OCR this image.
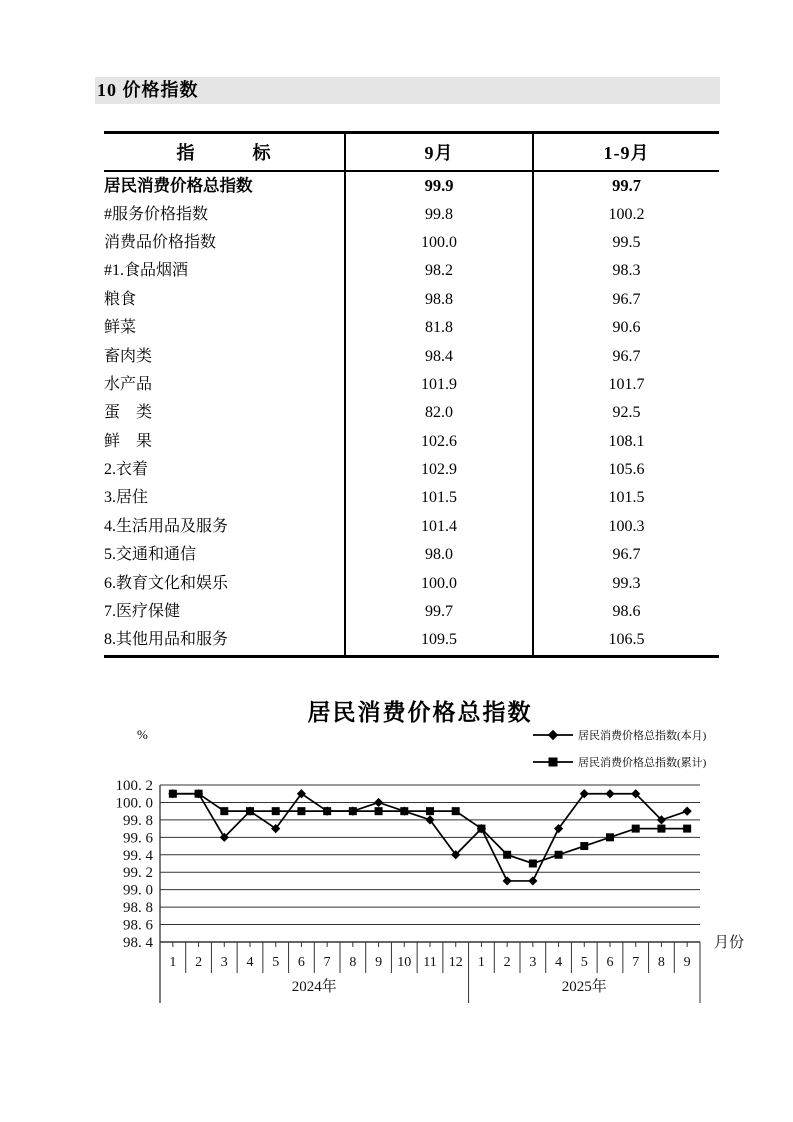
10 价格指数
指　　　标	9月	1-9月
居民消费价格总指数	99.9	99.7
#服务价格指数	99.8	100.2
消费品价格指数	100.0	99.5
#1.食品烟酒	98.2	98.3
粮食	98.8	96.7
鲜菜	81.8	90.6
畜肉类	98.4	96.7
水产品	101.9	101.7
蛋　类	82.0	92.5
鲜　果	102.6	108.1
2.衣着	102.9	105.6
3.居住	101.5	101.5
4.生活用品及服务	101.4	100.3
5.交通和通信	98.0	96.7
6.教育文化和娱乐	100.0	99.3
7.医疗保健	99.7	98.6
8.其他用品和服务	109.5	106.5
居民消费价格总指数
%	居民消费价格总指数(本月)
居民消费价格总指数(累计)
100. 2
100. 0
99. 8
99. 6
99. 4
99. 2
99. 0
98. 8
98. 6
98. 4
1 2 3 4 5 6 7 8 9 10 11 12 1 2 3 4 5 6 7 8 9
2024年	2025年
月份
